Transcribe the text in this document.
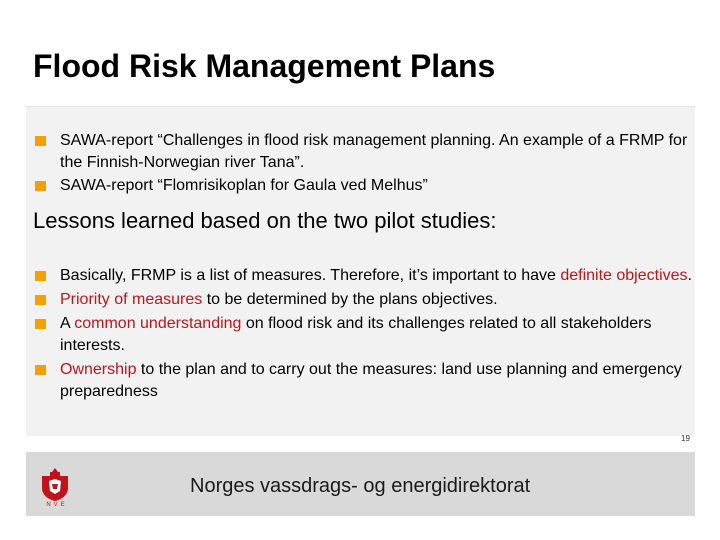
Flood Risk Management Plans
SAWA-report “Challenges in flood risk management planning. An example of a FRMP for the Finnish-Norwegian river Tana”.
SAWA-report “Flomrisikoplan for Gaula ved Melhus”
Lessons learned based on the two pilot studies:
Basically, FRMP is a list of measures. Therefore, it’s important to have definite objectives.
Priority of measures to be determined by the plans objectives.
A common understanding on flood risk and its challenges related to all stakeholders interests.
Ownership to the plan and to carry out the measures: land use planning and emergency preparedness
19
NVE
Norges vassdrags- og energidirektorat
